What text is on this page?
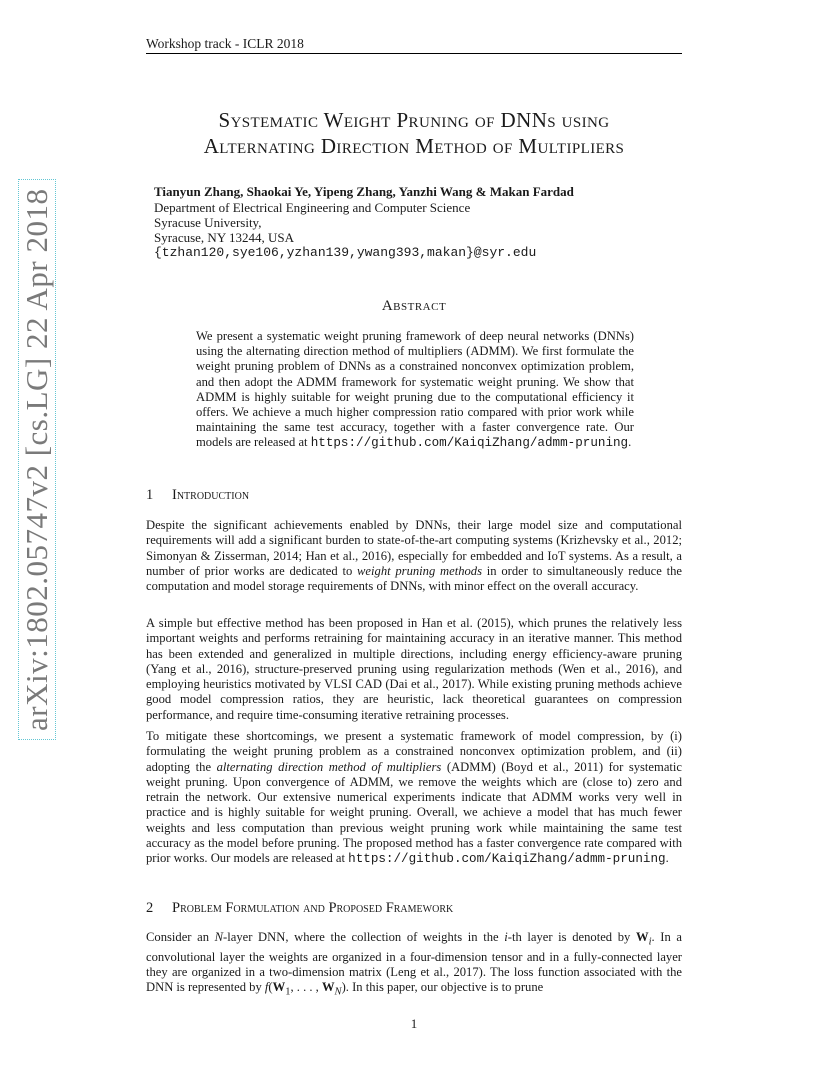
Workshop track - ICLR 2018
Systematic Weight Pruning of DNNs using
Alternating Direction Method of Multipliers
Tianyun Zhang, Shaokai Ye, Yipeng Zhang, Yanzhi Wang & Makan Fardad
Department of Electrical Engineering and Computer Science
Syracuse University,
Syracuse, NY 13244, USA
{tzhan120,sye106,yzhan139,ywang393,makan}@syr.edu
Abstract
We present a systematic weight pruning framework of deep neural networks (DNNs) using the alternating direction method of multipliers (ADMM). We first formulate the weight pruning problem of DNNs as a constrained nonconvex optimization problem, and then adopt the ADMM framework for systematic weight pruning. We show that ADMM is highly suitable for weight pruning due to the computational efficiency it offers. We achieve a much higher compression ratio compared with prior work while maintaining the same test accuracy, together with a faster convergence rate. Our models are released at https://github.com/KaiqiZhang/admm-pruning.
1 Introduction
Despite the significant achievements enabled by DNNs, their large model size and computational requirements will add a significant burden to state-of-the-art computing systems (Krizhevsky et al., 2012; Simonyan & Zisserman, 2014; Han et al., 2016), especially for embedded and IoT systems. As a result, a number of prior works are dedicated to weight pruning methods in order to simultaneously reduce the computation and model storage requirements of DNNs, with minor effect on the overall accuracy.
A simple but effective method has been proposed in Han et al. (2015), which prunes the relatively less important weights and performs retraining for maintaining accuracy in an iterative manner. This method has been extended and generalized in multiple directions, including energy efficiency-aware pruning (Yang et al., 2016), structure-preserved pruning using regularization methods (Wen et al., 2016), and employing heuristics motivated by VLSI CAD (Dai et al., 2017). While existing pruning methods achieve good model compression ratios, they are heuristic, lack theoretical guarantees on compression performance, and require time-consuming iterative retraining processes.
To mitigate these shortcomings, we present a systematic framework of model compression, by (i) formulating the weight pruning problem as a constrained nonconvex optimization problem, and (ii) adopting the alternating direction method of multipliers (ADMM) (Boyd et al., 2011) for systematic weight pruning. Upon convergence of ADMM, we remove the weights which are (close to) zero and retrain the network. Our extensive numerical experiments indicate that ADMM works very well in practice and is highly suitable for weight pruning. Overall, we achieve a model that has much fewer weights and less computation than previous weight pruning work while maintaining the same test accuracy as the model before pruning. The proposed method has a faster convergence rate compared with prior works. Our models are released at https://github.com/KaiqiZhang/admm-pruning.
2 Problem Formulation and Proposed Framework
Consider an N-layer DNN, where the collection of weights in the i-th layer is denoted by $W_i$. In a convolutional layer the weights are organized in a four-dimension tensor and in a fully-connected layer they are organized in a two-dimension matrix (Leng et al., 2017). The loss function associated with the DNN is represented by $f(W_1$, . . . , $W_N$). In this paper, our objective is to prune
1
arXiv:1802.05747v2 [cs.LG] 22 Apr 2018
